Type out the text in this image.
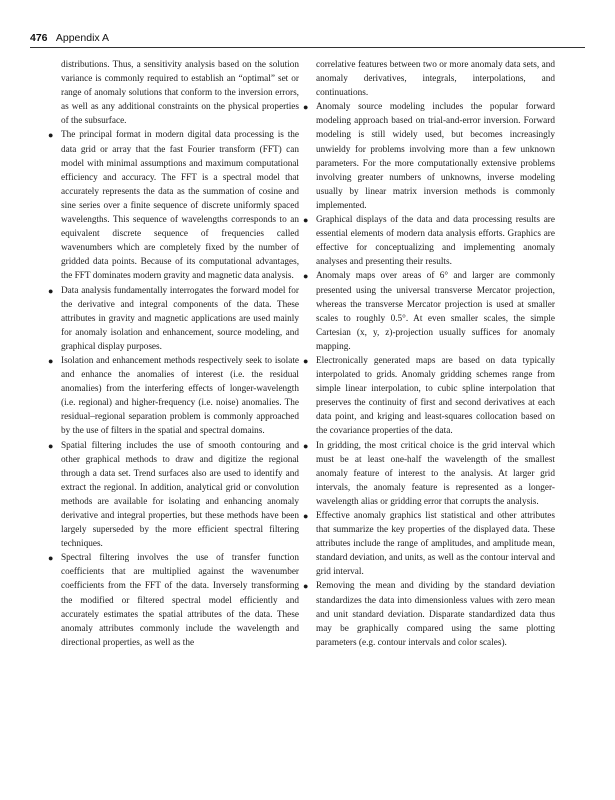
476 Appendix A

distributions. Thus, a sensitivity analysis based on the solution variance is commonly required to establish an “optimal” set or range of anomaly solutions that conform to the inversion errors, as well as any additional constraints on the physical properties of the subsurface.

● The principal format in modern digital data processing is the data grid or array that the fast Fourier transform (FFT) can model with minimal assumptions and maximum computational efficiency and accuracy. The FFT is a spectral model that accurately represents the data as the summation of cosine and sine series over a finite sequence of discrete uniformly spaced wavelengths. This sequence of wavelengths corresponds to an equivalent discrete sequence of frequencies called wavenumbers which are completely fixed by the number of gridded data points. Because of its computational advantages, the FFT dominates modern gravity and magnetic data analysis.
● Data analysis fundamentally interrogates the forward model for the derivative and integral components of the data. These attributes in gravity and magnetic applications are used mainly for anomaly isolation and enhancement, source modeling, and graphical display purposes.
● Isolation and enhancement methods respectively seek to isolate and enhance the anomalies of interest (i.e. the residual anomalies) from the interfering effects of longer-wavelength (i.e. regional) and higher-frequency (i.e. noise) anomalies. The residual–regional separation problem is commonly approached by the use of filters in the spatial and spectral domains.
● Spatial filtering includes the use of smooth contouring and other graphical methods to draw and digitize the regional through a data set. Trend surfaces also are used to identify and extract the regional. In addition, analytical grid or convolution methods are available for isolating and enhancing anomaly derivative and integral properties, but these methods have been largely superseded by the more efficient spectral filtering techniques.
● Spectral filtering involves the use of transfer function coefficients that are multiplied against the wavenumber coefficients from the FFT of the data. Inversely transforming the modified or filtered spectral model efficiently and accurately estimates the spatial attributes of the data. These anomaly attributes commonly include the wavelength and directional properties, as well as the

correlative features between two or more anomaly data sets, and anomaly derivatives, integrals, interpolations, and continuations.

● Anomaly source modeling includes the popular forward modeling approach based on trial-and-error inversion. Forward modeling is still widely used, but becomes increasingly unwieldy for problems involving more than a few unknown parameters. For the more computationally extensive problems involving greater numbers of unknowns, inverse modeling usually by linear matrix inversion methods is commonly implemented.
● Graphical displays of the data and data processing results are essential elements of modern data analysis efforts. Graphics are effective for conceptualizing and implementing anomaly analyses and presenting their results.
● Anomaly maps over areas of 6° and larger are commonly presented using the universal transverse Mercator projection, whereas the transverse Mercator projection is used at smaller scales to roughly 0.5°. At even smaller scales, the simple Cartesian (x, y, z)-projection usually suffices for anomaly mapping.
● Electronically generated maps are based on data typically interpolated to grids. Anomaly gridding schemes range from simple linear interpolation, to cubic spline interpolation that preserves the continuity of first and second derivatives at each data point, and kriging and least-squares collocation based on the covariance properties of the data.
● In gridding, the most critical choice is the grid interval which must be at least one-half the wavelength of the smallest anomaly feature of interest to the analysis. At larger grid intervals, the anomaly feature is represented as a longer-wavelength alias or gridding error that corrupts the analysis.
● Effective anomaly graphics list statistical and other attributes that summarize the key properties of the displayed data. These attributes include the range of amplitudes, and amplitude mean, standard deviation, and units, as well as the contour interval and grid interval.
● Removing the mean and dividing by the standard deviation standardizes the data into dimensionless values with zero mean and unit standard deviation. Disparate standardized data thus may be graphically compared using the same plotting parameters (e.g. contour intervals and color scales).
